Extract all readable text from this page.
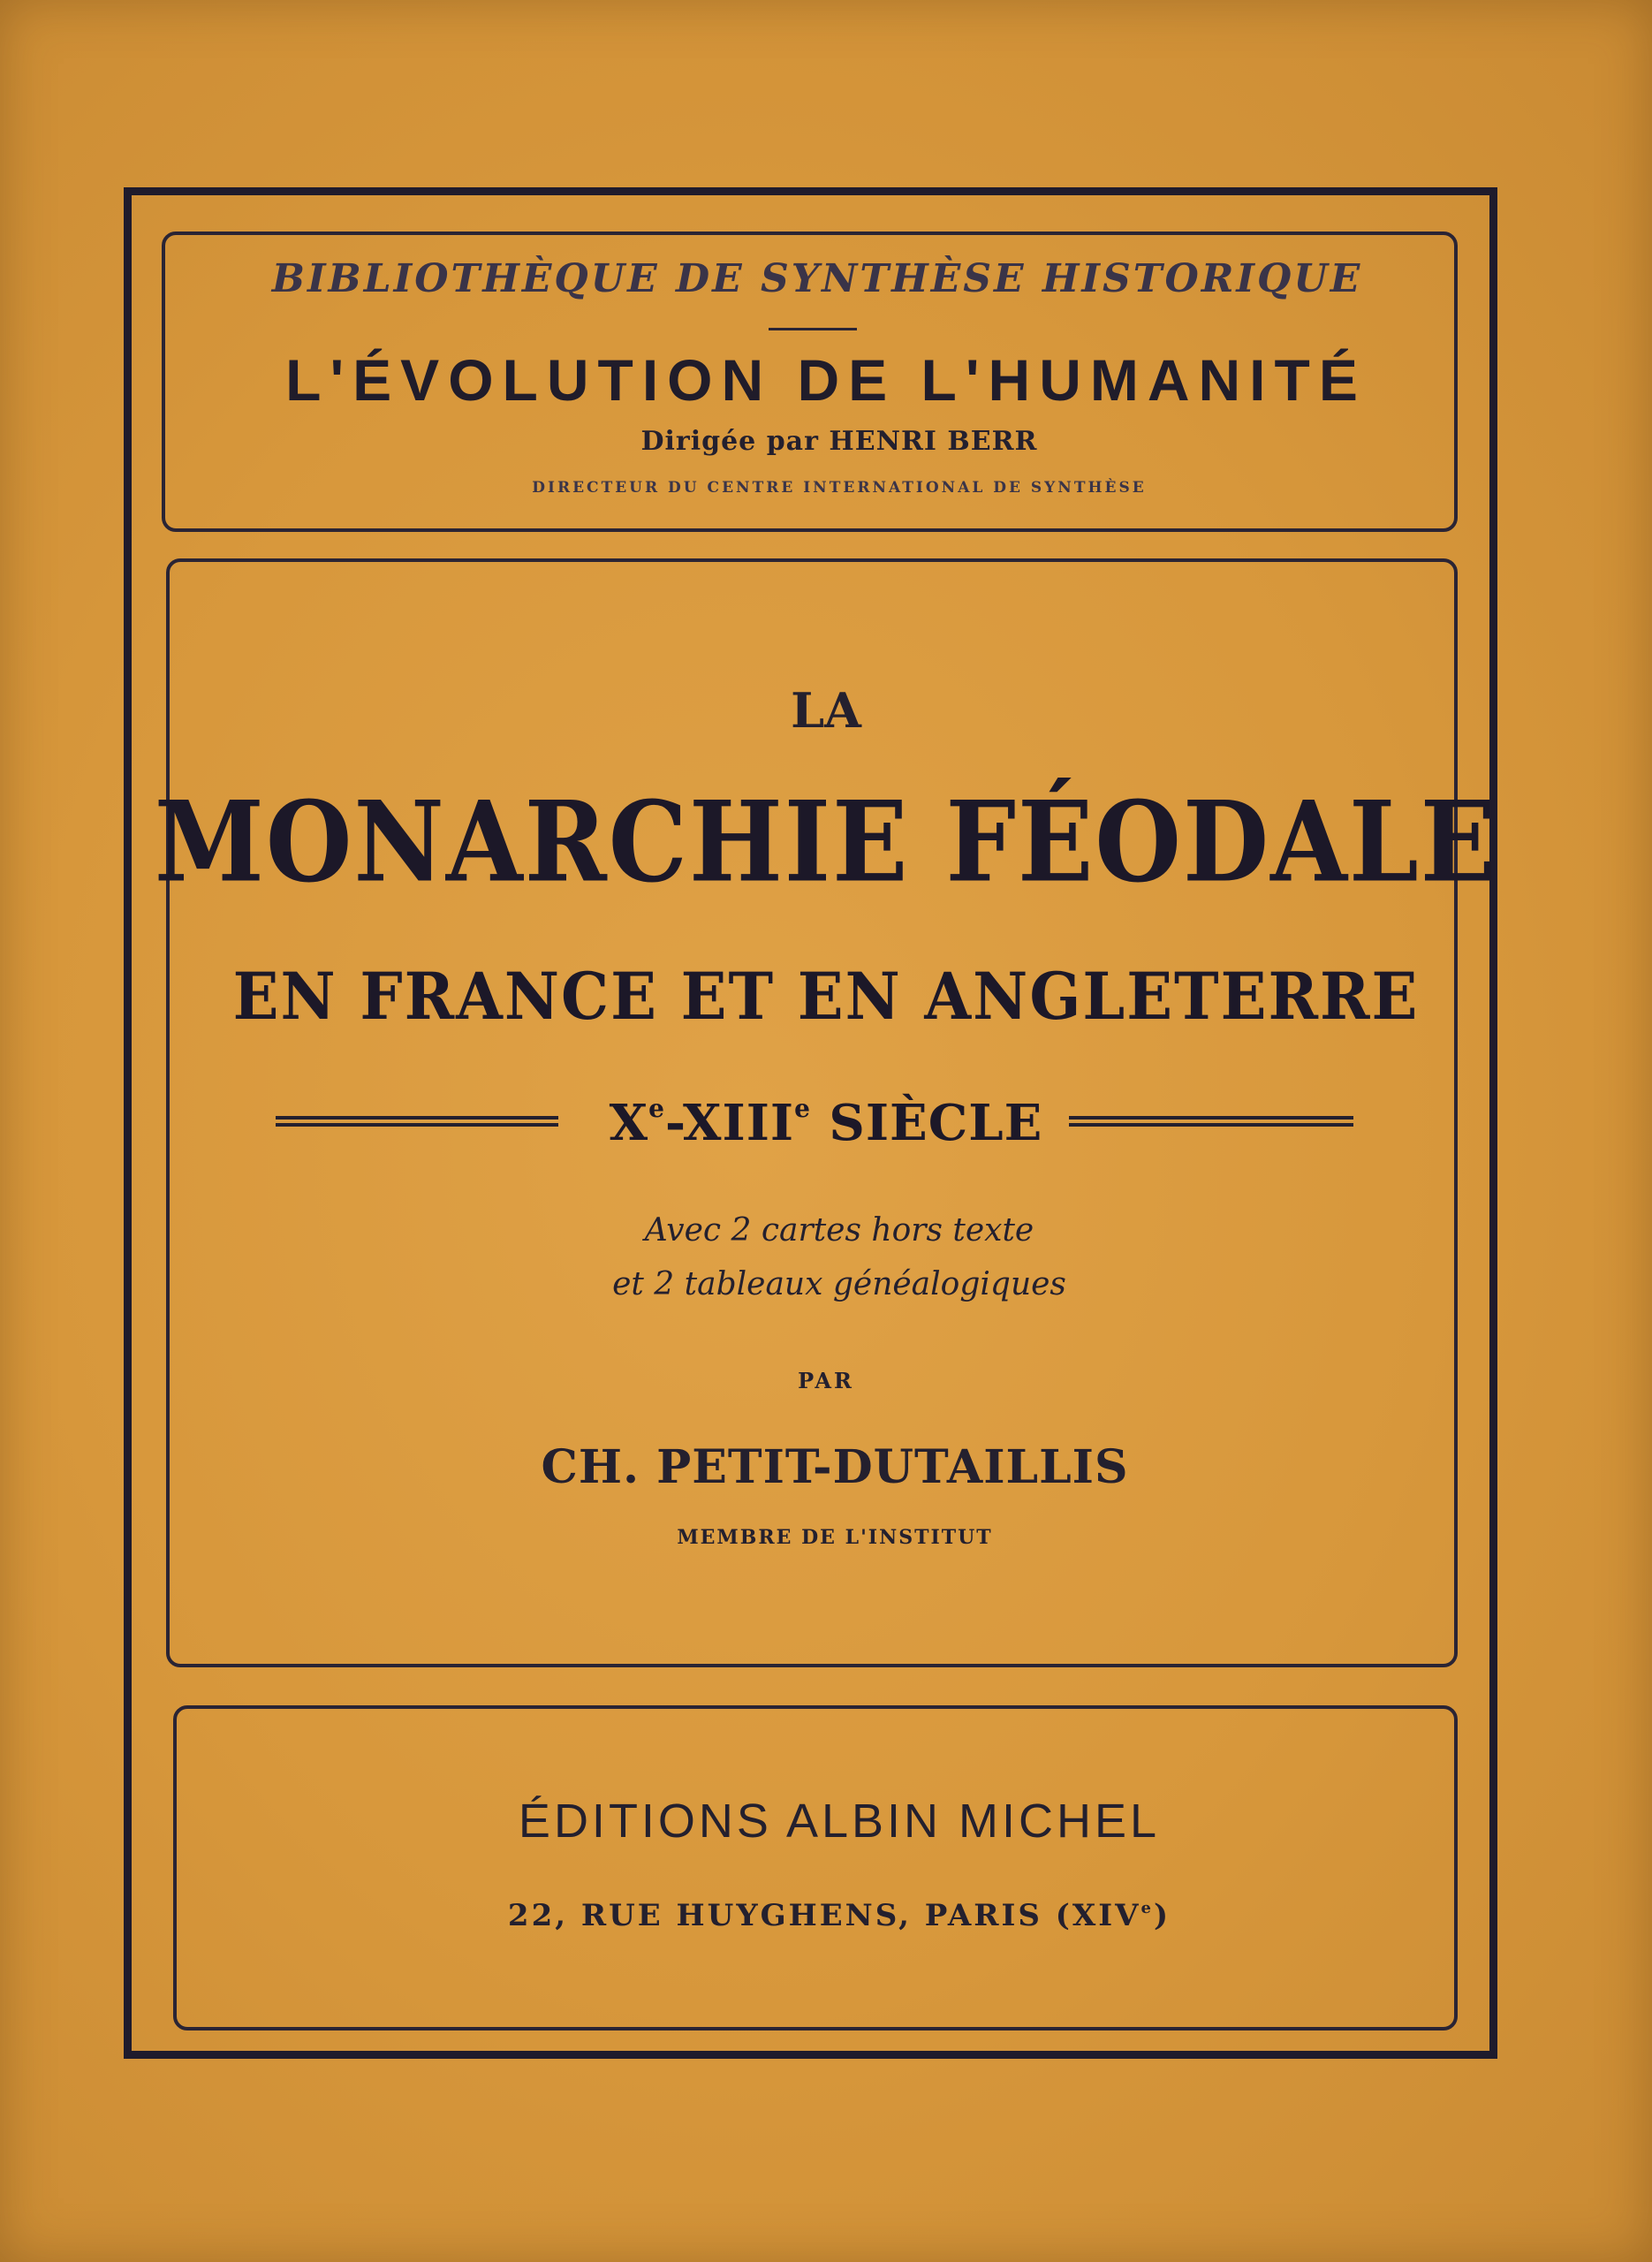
BIBLIOTHÈQUE DE SYNTHÈSE HISTORIQUE
L'ÉVOLUTION DE L'HUMANITÉ
Dirigée par HENRI BERR
DIRECTEUR DU CENTRE INTERNATIONAL DE SYNTHÈSE
LA
MONARCHIE FÉODALE
EN FRANCE ET EN ANGLETERRE
Xe-XIIIe SIÈCLE
Avec 2 cartes hors texte
et 2 tableaux généalogiques
PAR
CH. PETIT-DUTAILLIS
MEMBRE DE L'INSTITUT
ÉDITIONS ALBIN MICHEL
22, RUE HUYGHENS, PARIS (XIVe)
